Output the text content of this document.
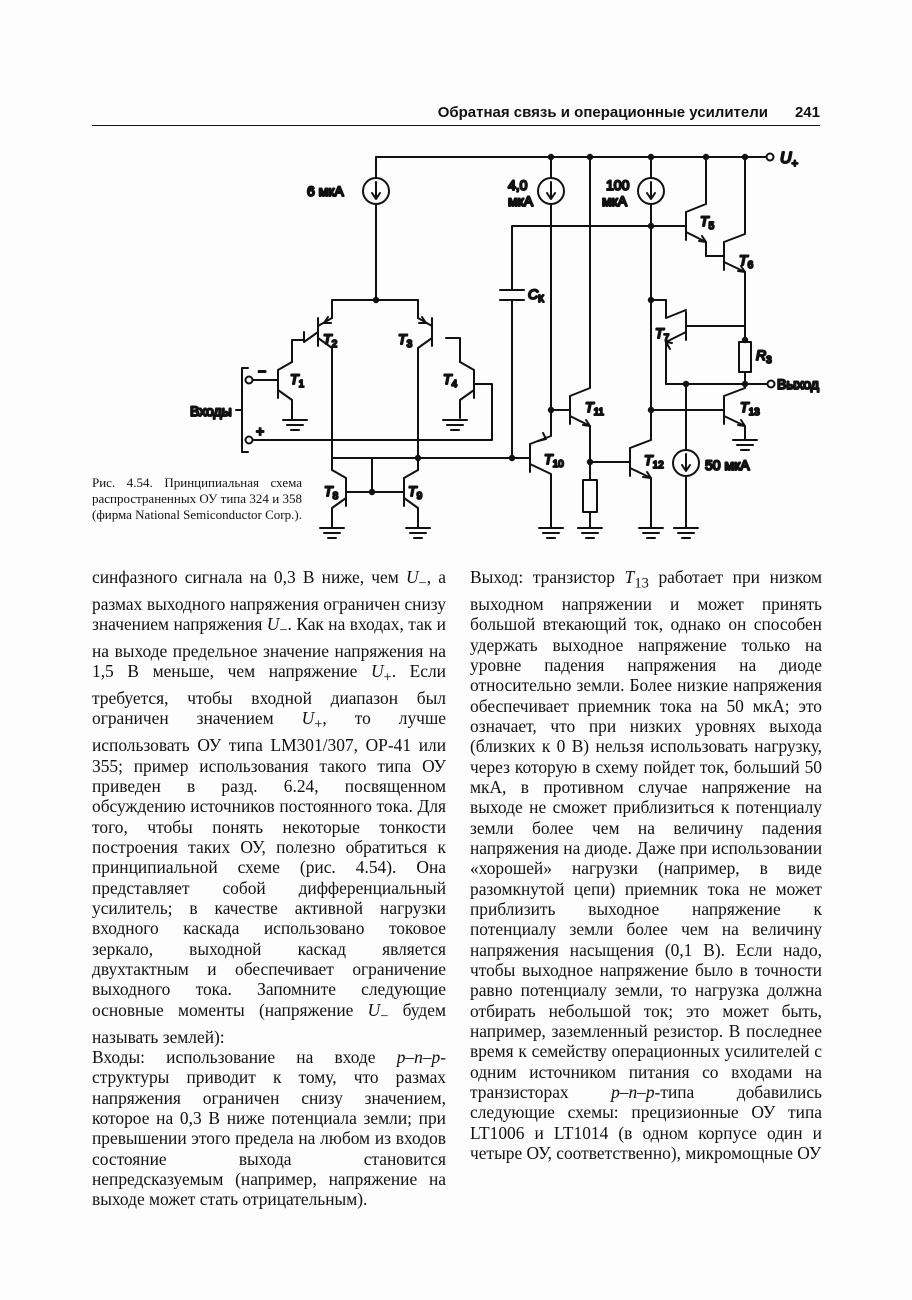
Обратная связь и операционные усилители 241
$U_+$
6 мкА
$T_2$	$T_3$
$T_1$
−	$T_4$
+
Входы
$T_8$	$T_9$
$C_К$
4,0
мкА
$T_{10}$
$T_{11}$
$T_{12}$
100
мкА
$T_5$
$T_6$
$T_7$
$R_3$
Выход
$T_{13}$
50 мкА
Рис. 4.54. Принципиальная схема распространенных ОУ типа 324 и 358 (фирма National Semiconductor Corp.).

синфазного сигнала на 0,3 В ниже, чем $U_-$, а размах выходного напряжения ограничен снизу значением напряжения $U_-$. Как на входах, так и на выходе предельное значение напряжения на 1,5 В меньше, чем напряжение $U_+$. Если требуется, чтобы входной диапазон был ограничен значением $U_+$, то лучше использовать ОУ типа LM301/307, OP-41 или 355; пример использования такого типа ОУ приведен в разд. 6.24, посвященном обсуждению источников постоянного тока. Для того, чтобы понять некоторые тонкости построения таких ОУ, полезно обратиться к принципиальной схеме (рис. 4.54). Она представляет собой дифференциальный усилитель; в качестве активной нагрузки входного каскада использовано токовое зеркало, выходной каскад является двухтактным и обеспечивает ограничение выходного тока. Запомните следующие основные моменты (напряжение $U_-$ будем называть землей):

Входы: использование на входе p–n–p-структуры приводит к тому, что размах напряжения ограничен снизу значением, которое на 0,3 В ниже потенциала земли; при превышении этого предела на любом из входов состояние выхода становится непредсказуемым (например, напряжение на выходе может стать отрицательным).

Выход: транзистор $T_{13}$ работает при низком выходном напряжении и может принять большой втекающий ток, однако он способен удержать выходное напряжение только на уровне падения напряжения на диоде относительно земли. Более низкие напряжения обеспечивает приемник тока на 50 мкА; это означает, что при низких уровнях выхода (близких к 0 В) нельзя использовать нагрузку, через которую в схему пойдет ток, больший 50 мкА, в противном случае напряжение на выходе не сможет приблизиться к потенциалу земли более чем на величину падения напряжения на диоде. Даже при использовании «хорошей» нагрузки (например, в виде разомкнутой цепи) приемник тока не может приблизить выходное напряжение к потенциалу земли более чем на величину напряжения насыщения (0,1 В). Если надо, чтобы выходное напряжение было в точности равно потенциалу земли, то нагрузка должна отбирать небольшой ток; это может быть, например, заземленный резистор. В последнее время к семейству операционных усилителей с одним источником питания со входами на транзисторах p–n–p-типа добавились следующие схемы: прецизионные ОУ типа LT1006 и LT1014 (в одном корпусе один и четыре ОУ, соответственно), микромощные ОУ
